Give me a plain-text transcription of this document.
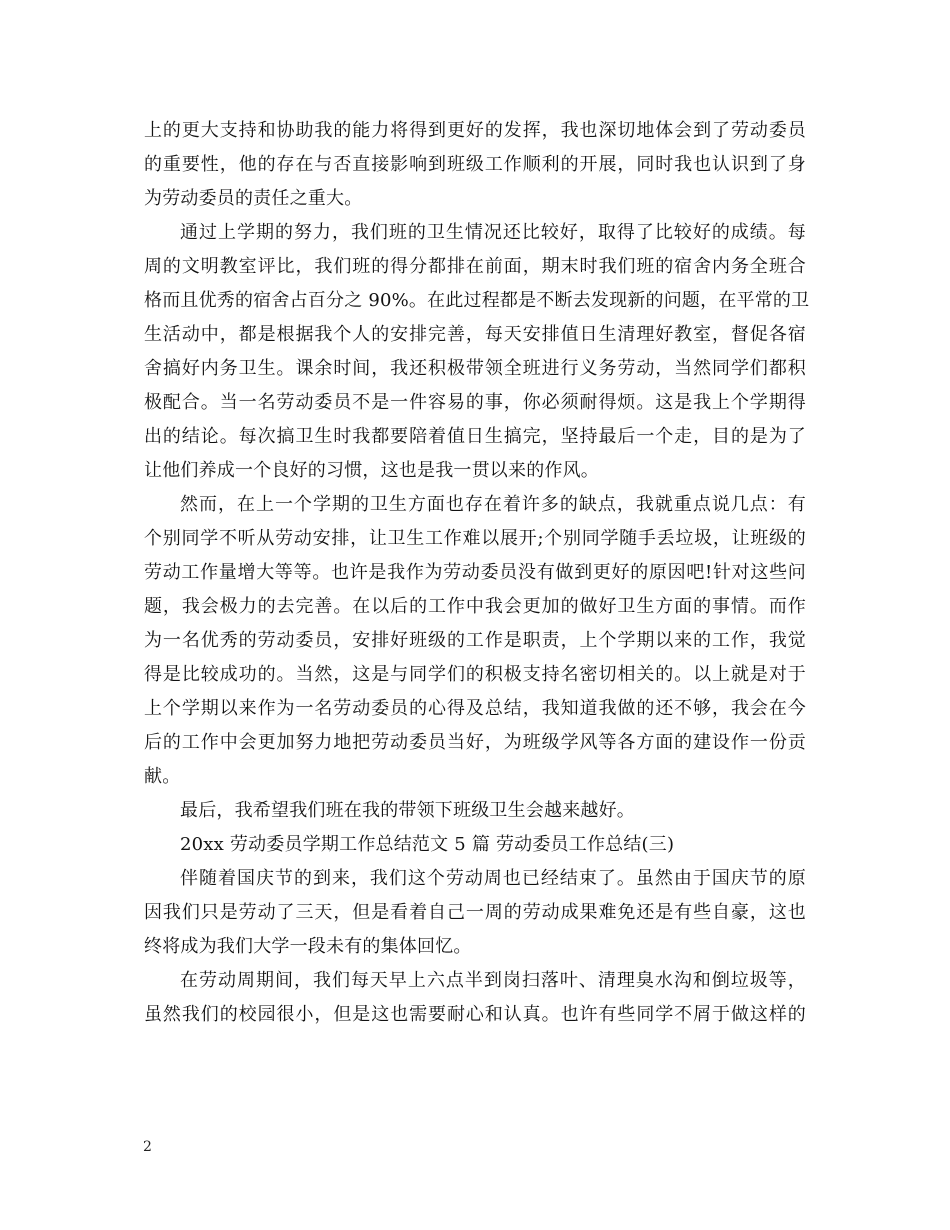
上的更大支持和协助我的能力将得到更好的发挥，我也深切地体会到了劳动委员
的重要性，他的存在与否直接影响到班级工作顺利的开展，同时我也认识到了身
为劳动委员的责任之重大。
通过上学期的努力，我们班的卫生情况还比较好，取得了比较好的成绩。每
周的文明教室评比，我们班的得分都排在前面，期末时我们班的宿舍内务全班合
格而且优秀的宿舍占百分之 90%。在此过程都是不断去发现新的问题，在平常的卫
生活动中，都是根据我个人的安排完善，每天安排值日生清理好教室，督促各宿
舍搞好内务卫生。课余时间，我还积极带领全班进行义务劳动，当然同学们都积
极配合。当一名劳动委员不是一件容易的事，你必须耐得烦。这是我上个学期得
出的结论。每次搞卫生时我都要陪着值日生搞完，坚持最后一个走，目的是为了
让他们养成一个良好的习惯，这也是我一贯以来的作风。
然而，在上一个学期的卫生方面也存在着许多的缺点，我就重点说几点：有
个别同学不听从劳动安排，让卫生工作难以展开;个别同学随手丢垃圾，让班级的
劳动工作量增大等等。也许是我作为劳动委员没有做到更好的原因吧!针对这些问
题，我会极力的去完善。在以后的工作中我会更加的做好卫生方面的事情。而作
为一名优秀的劳动委员，安排好班级的工作是职责，上个学期以来的工作，我觉
得是比较成功的。当然，这是与同学们的积极支持名密切相关的。以上就是对于
上个学期以来作为一名劳动委员的心得及总结，我知道我做的还不够，我会在今
后的工作中会更加努力地把劳动委员当好，为班级学风等各方面的建设作一份贡
献。
最后，我希望我们班在我的带领下班级卫生会越来越好。
20xx 劳动委员学期工作总结范文 5 篇 劳动委员工作总结(三)
伴随着国庆节的到来，我们这个劳动周也已经结束了。虽然由于国庆节的原
因我们只是劳动了三天，但是看着自己一周的劳动成果难免还是有些自豪，这也
终将成为我们大学一段未有的集体回忆。
在劳动周期间，我们每天早上六点半到岗扫落叶、清理臭水沟和倒垃圾等，
虽然我们的校园很小，但是这也需要耐心和认真。也许有些同学不屑于做这样的
2
